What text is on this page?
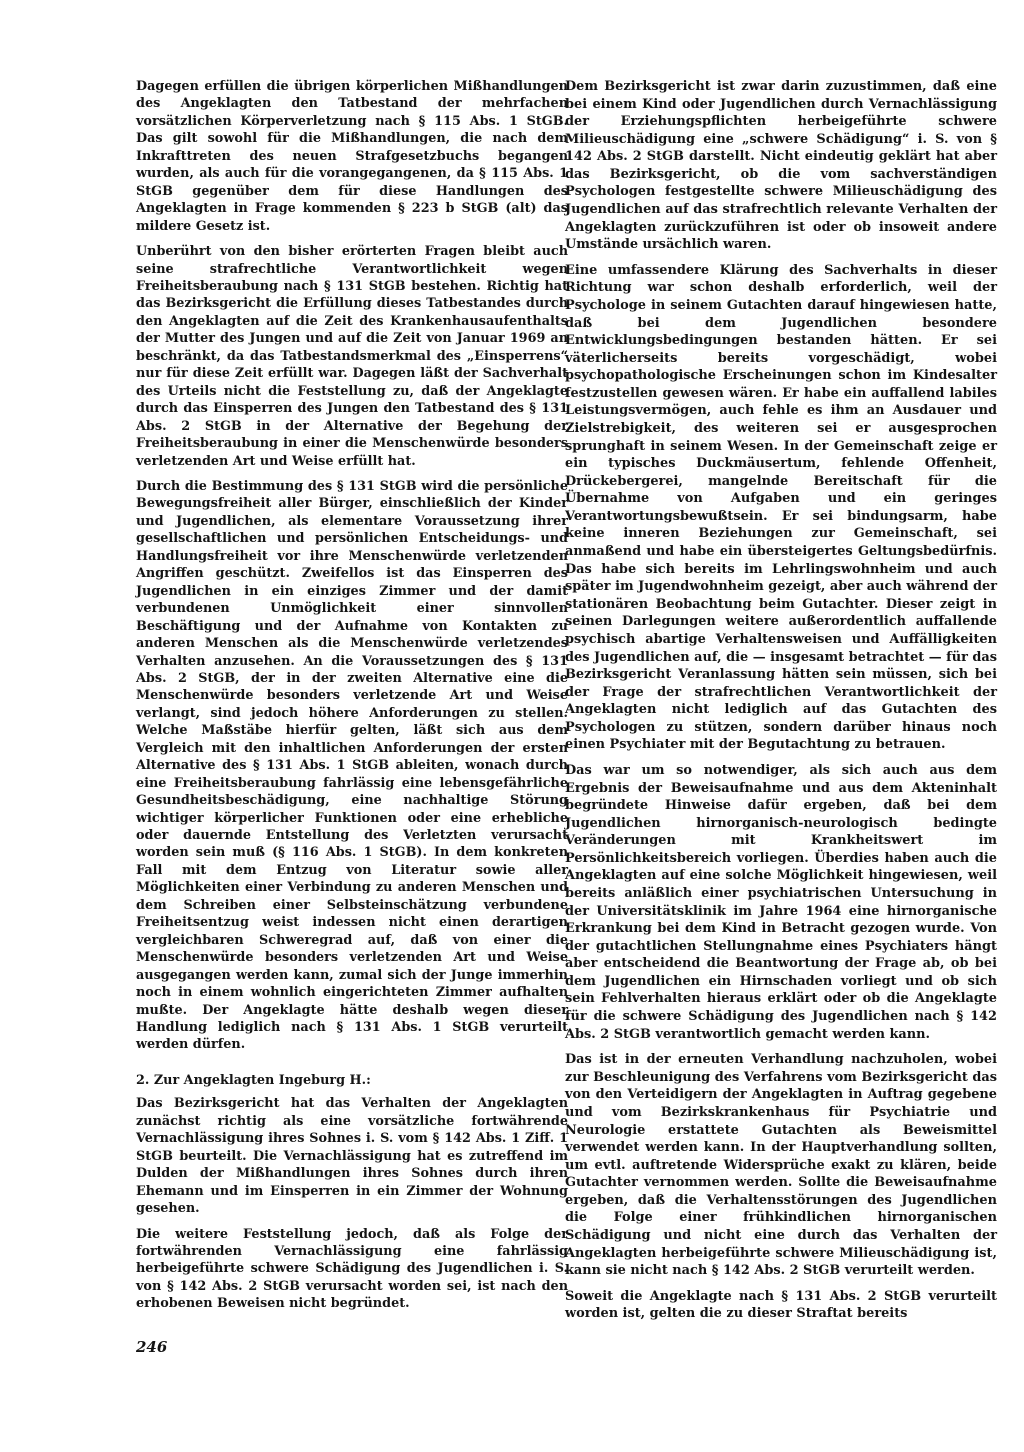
Dagegen erfüllen die übrigen körperlichen Mißhandlungen des Angeklagten den Tatbestand der mehrfachen vorsätzlichen Körperverletzung nach § 115 Abs. 1 StGB. Das gilt sowohl für die Mißhandlungen, die nach dem Inkrafttreten des neuen Strafgesetzbuchs begangen wurden, als auch für die vorangegangenen, da § 115 Abs. 1 StGB gegenüber dem für diese Handlungen des Angeklagten in Frage kommenden § 223 b StGB (alt) das mildere Gesetz ist.

Unberührt von den bisher erörterten Fragen bleibt auch seine strafrechtliche Verantwortlichkeit wegen Freiheitsberaubung nach § 131 StGB bestehen. Richtig hat das Bezirksgericht die Erfüllung dieses Tatbestandes durch den Angeklagten auf die Zeit des Krankenhausaufenthalts der Mutter des Jungen und auf die Zeit von Januar 1969 an beschränkt, da das Tatbestandsmerkmal des „Einsperrens“ nur für diese Zeit erfüllt war. Dagegen läßt der Sachverhalt des Urteils nicht die Feststellung zu, daß der Angeklagte durch das Einsperren des Jungen den Tatbestand des § 131 Abs. 2 StGB in der Alternative der Begehung der Freiheitsberaubung in einer die Menschenwürde besonders verletzenden Art und Weise erfüllt hat.

Durch die Bestimmung des § 131 StGB wird die persönliche Bewegungsfreiheit aller Bürger, einschließlich der Kinder und Jugendlichen, als elementare Voraussetzung ihrer gesellschaftlichen und persönlichen Entscheidungs- und Handlungsfreiheit vor ihre Menschenwürde verletzenden Angriffen geschützt. Zweifellos ist das Einsperren des Jugendlichen in ein einziges Zimmer und der damit verbundenen Unmöglichkeit einer sinnvollen Beschäftigung und der Aufnahme von Kontakten zu anderen Menschen als die Menschenwürde verletzendes Verhalten anzusehen. An die Voraussetzungen des § 131 Abs. 2 StGB, der in der zweiten Alternative eine die Menschenwürde besonders verletzende Art und Weise verlangt, sind jedoch höhere Anforderungen zu stellen. Welche Maßstäbe hierfür gelten, läßt sich aus dem Vergleich mit den inhaltlichen Anforderungen der ersten Alternative des § 131 Abs. 1 StGB ableiten, wonach durch eine Freiheitsberaubung fahrlässig eine lebensgefährliche Gesundheitsbeschädigung, eine nachhaltige Störung wichtiger körperlicher Funktionen oder eine erhebliche oder dauernde Entstellung des Verletzten verursacht worden sein muß (§ 116 Abs. 1 StGB). In dem konkreten Fall mit dem Entzug von Literatur sowie aller Möglichkeiten einer Verbindung zu anderen Menschen und dem Schreiben einer Selbsteinschätzung verbundene Freiheitsentzug weist indessen nicht einen derartigen vergleichbaren Schweregrad auf, daß von einer die Menschenwürde besonders verletzenden Art und Weise ausgegangen werden kann, zumal sich der Junge immerhin noch in einem wohnlich eingerichteten Zimmer aufhalten mußte. Der Angeklagte hätte deshalb wegen dieser Handlung lediglich nach § 131 Abs. 1 StGB verurteilt werden dürfen.

2. Zur Angeklagten Ingeburg H.:

Das Bezirksgericht hat das Verhalten der Angeklagten zunächst richtig als eine vorsätzliche fortwährende Vernachlässigung ihres Sohnes i. S. vom § 142 Abs. 1 Ziff. 1 StGB beurteilt. Die Vernachlässigung hat es zutreffend im Dulden der Mißhandlungen ihres Sohnes durch ihren Ehemann und im Einsperren in ein Zimmer der Wohnung gesehen.

Die weitere Feststellung jedoch, daß als Folge der fortwährenden Vernachlässigung eine fahrlässig herbeigeführte schwere Schädigung des Jugendlichen i. S. von § 142 Abs. 2 StGB verursacht worden sei, ist nach den erhobenen Beweisen nicht begründet.

Dem Bezirksgericht ist zwar darin zuzustimmen, daß eine bei einem Kind oder Jugendlichen durch Vernachlässigung der Erziehungspflichten herbeigeführte schwere Milieuschädigung eine „schwere Schädigung“ i. S. von § 142 Abs. 2 StGB darstellt. Nicht eindeutig geklärt hat aber das Bezirksgericht, ob die vom sachverständigen Psychologen festgestellte schwere Milieuschädigung des Jugendlichen auf das strafrechtlich relevante Verhalten der Angeklagten zurückzuführen ist oder ob insoweit andere Umstände ursächlich waren.

Eine umfassendere Klärung des Sachverhalts in dieser Richtung war schon deshalb erforderlich, weil der Psychologe in seinem Gutachten darauf hingewiesen hatte, daß bei dem Jugendlichen besondere Entwicklungsbedingungen bestanden hätten. Er sei väterlicherseits bereits vorgeschädigt, wobei psychopathologische Erscheinungen schon im Kindesalter festzustellen gewesen wären. Er habe ein auffallend labiles Leistungsvermögen, auch fehle es ihm an Ausdauer und Zielstrebigkeit, des weiteren sei er ausgesprochen sprunghaft in seinem Wesen. In der Gemeinschaft zeige er ein typisches Duckmäusertum, fehlende Offenheit, Drückebergerei, mangelnde Bereitschaft für die Übernahme von Aufgaben und ein geringes Verantwortungsbewußtsein. Er sei bindungsarm, habe keine inneren Beziehungen zur Gemeinschaft, sei anmaßend und habe ein übersteigertes Geltungsbedürfnis. Das habe sich bereits im Lehrlingswohnheim und auch später im Jugendwohnheim gezeigt, aber auch während der stationären Beobachtung beim Gutachter. Dieser zeigt in seinen Darlegungen weitere außerordentlich auffallende psychisch abartige Verhaltensweisen und Auffälligkeiten des Jugendlichen auf, die — insgesamt betrachtet — für das Bezirksgericht Veranlassung hätten sein müssen, sich bei der Frage der strafrechtlichen Verantwortlichkeit der Angeklagten nicht lediglich auf das Gutachten des Psychologen zu stützen, sondern darüber hinaus noch einen Psychiater mit der Begutachtung zu betrauen.

Das war um so notwendiger, als sich auch aus dem Ergebnis der Beweisaufnahme und aus dem Akteninhalt begründete Hinweise dafür ergeben, daß bei dem Jugendlichen hirnorganisch-neurologisch bedingte Veränderungen mit Krankheitswert im Persönlichkeitsbereich vorliegen. Überdies haben auch die Angeklagten auf eine solche Möglichkeit hingewiesen, weil bereits anläßlich einer psychiatrischen Untersuchung in der Universitätsklinik im Jahre 1964 eine hirnorganische Erkrankung bei dem Kind in Betracht gezogen wurde. Von der gutachtlichen Stellungnahme eines Psychiaters hängt aber entscheidend die Beantwortung der Frage ab, ob bei dem Jugendlichen ein Hirnschaden vorliegt und ob sich sein Fehlverhalten hieraus erklärt oder ob die Angeklagte für die schwere Schädigung des Jugendlichen nach § 142 Abs. 2 StGB verantwortlich gemacht werden kann.

Das ist in der erneuten Verhandlung nachzuholen, wobei zur Beschleunigung des Verfahrens vom Bezirksgericht das von den Verteidigern der Angeklagten in Auftrag gegebene und vom Bezirkskrankenhaus für Psychiatrie und Neurologie erstattete Gutachten als Beweismittel verwendet werden kann. In der Hauptverhandlung sollten, um evtl. auftretende Widersprüche exakt zu klären, beide Gutachter vernommen werden. Sollte die Beweisaufnahme ergeben, daß die Verhaltensstörungen des Jugendlichen die Folge einer frühkindlichen hirnorganischen Schädigung und nicht eine durch das Verhalten der Angeklagten herbeigeführte schwere Milieuschädigung ist, kann sie nicht nach § 142 Abs. 2 StGB verurteilt werden.

Soweit die Angeklagte nach § 131 Abs. 2 StGB verurteilt worden ist, gelten die zu dieser Straftat bereits

246
